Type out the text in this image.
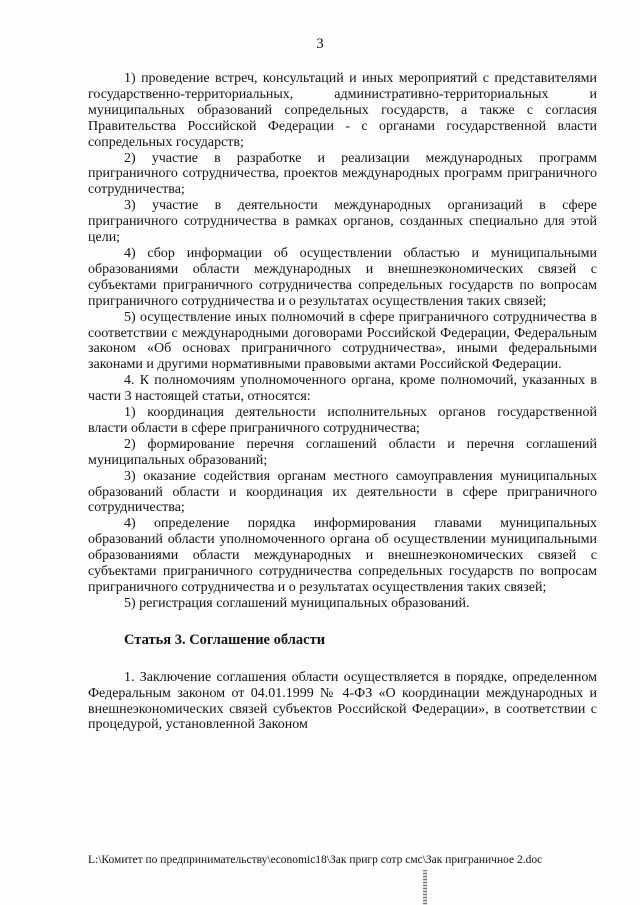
3

1) проведение встреч, консультаций и иных мероприятий с представителями государственно-территориальных, административно-территориальных и муниципальных образований сопредельных государств, а также с согласия Правительства Российской Федерации - с органами государственной власти сопредельных государств;

2) участие в разработке и реализации международных программ приграничного сотрудничества, проектов международных программ приграничного сотрудничества;

3) участие в деятельности международных организаций в сфере приграничного сотрудничества в рамках органов, созданных специально для этой цели;

4) сбор информации об осуществлении областью и муниципальными образованиями области международных и внешнеэкономических связей с субъектами приграничного сотрудничества сопредельных государств по вопросам приграничного сотрудничества и о результатах осуществления таких связей;

5) осуществление иных полномочий в сфере приграничного сотрудничества в соответствии с международными договорами Российской Федерации, Федеральным законом «Об основах приграничного сотрудничества», иными федеральными законами и другими нормативными правовыми актами Российской Федерации.

4. К полномочиям уполномоченного органа, кроме полномочий, указанных в части 3 настоящей статьи, относятся:

1) координация деятельности исполнительных органов государственной власти области в сфере приграничного сотрудничества;

2) формирование перечня соглашений области и перечня соглашений муниципальных образований;

3) оказание содействия органам местного самоуправления муниципальных образований области и координация их деятельности в сфере приграничного сотрудничества;

4) определение порядка информирования главами муниципальных образований области уполномоченного органа об осуществлении муниципальными образованиями области международных и внешнеэкономических связей с субъектами приграничного сотрудничества сопредельных государств по вопросам приграничного сотрудничества и о результатах осуществления таких связей;

5) регистрация соглашений муниципальных образований.

Статья 3. Соглашение области

1. Заключение соглашения области осуществляется в порядке, определенном Федеральным законом от 04.01.1999 № 4-ФЗ «О координации международных и внешнеэкономических связей субъектов Российской Федерации», в соответствии с процедурой, установленной Законом

L:\Комитет по предпринимательству\economic18\Зак пригр сотр смс\Зак приграничное 2.doc
